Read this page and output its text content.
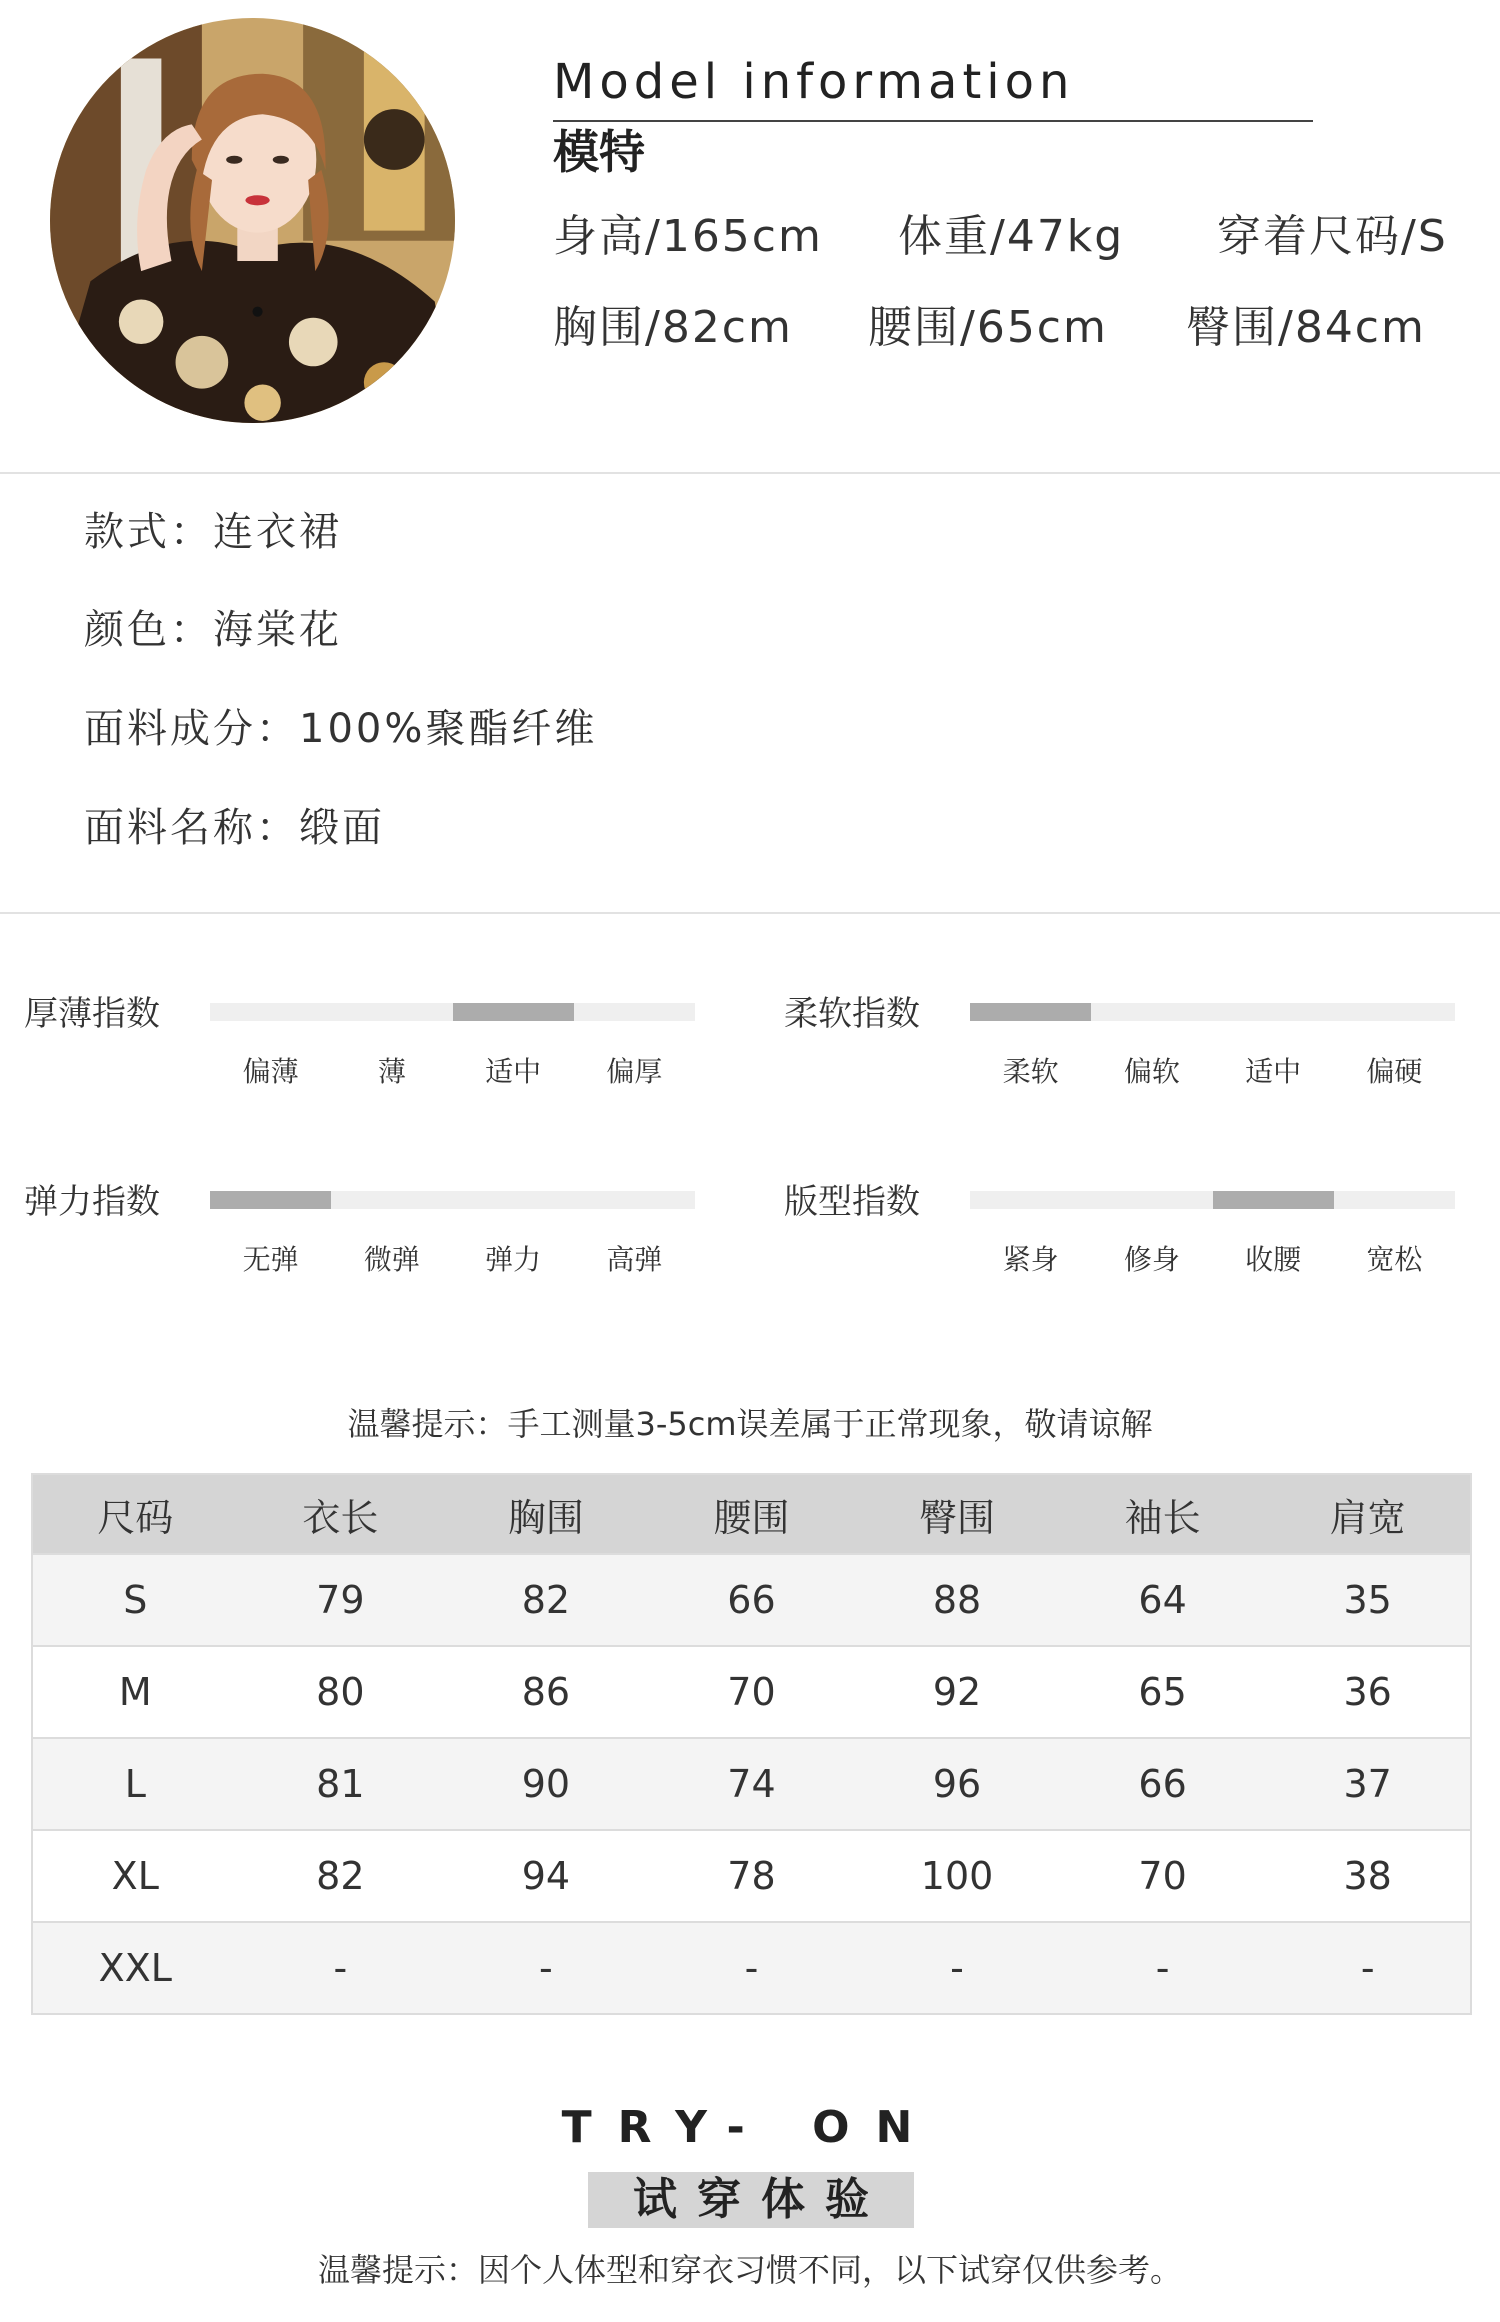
Model information
模特
身高/165cm 体重/47kg 穿着尺码/S
胸围/82cm 腰围/65cm 臀围/84cm
款式：连衣裙
颜色：海棠花
面料成分：100%聚酯纤维
面料名称：缎面
厚薄指数
偏薄	薄	适中 偏厚
柔软指数
柔软 偏软 适中 偏硬
弹力指数
无弹 微弹 弹力 高弹
版型指数
紧身 修身 收腰 宽松
温馨提示：手工测量3-5cm误差属于正常现象，敬请谅解
尺码	衣长	胸围	腰围	臀围	袖长	肩宽
S	79	82	66	88	64	35
M	80	86	70	92	65	36
L	81	90	74	96	66	37
XL	82	94	78	100	70	38
XXL	-	-	-	-	-	-
TRY- ON
试穿体验
温馨提示：因个人体型和穿衣习惯不同，以下试穿仅供参考。
